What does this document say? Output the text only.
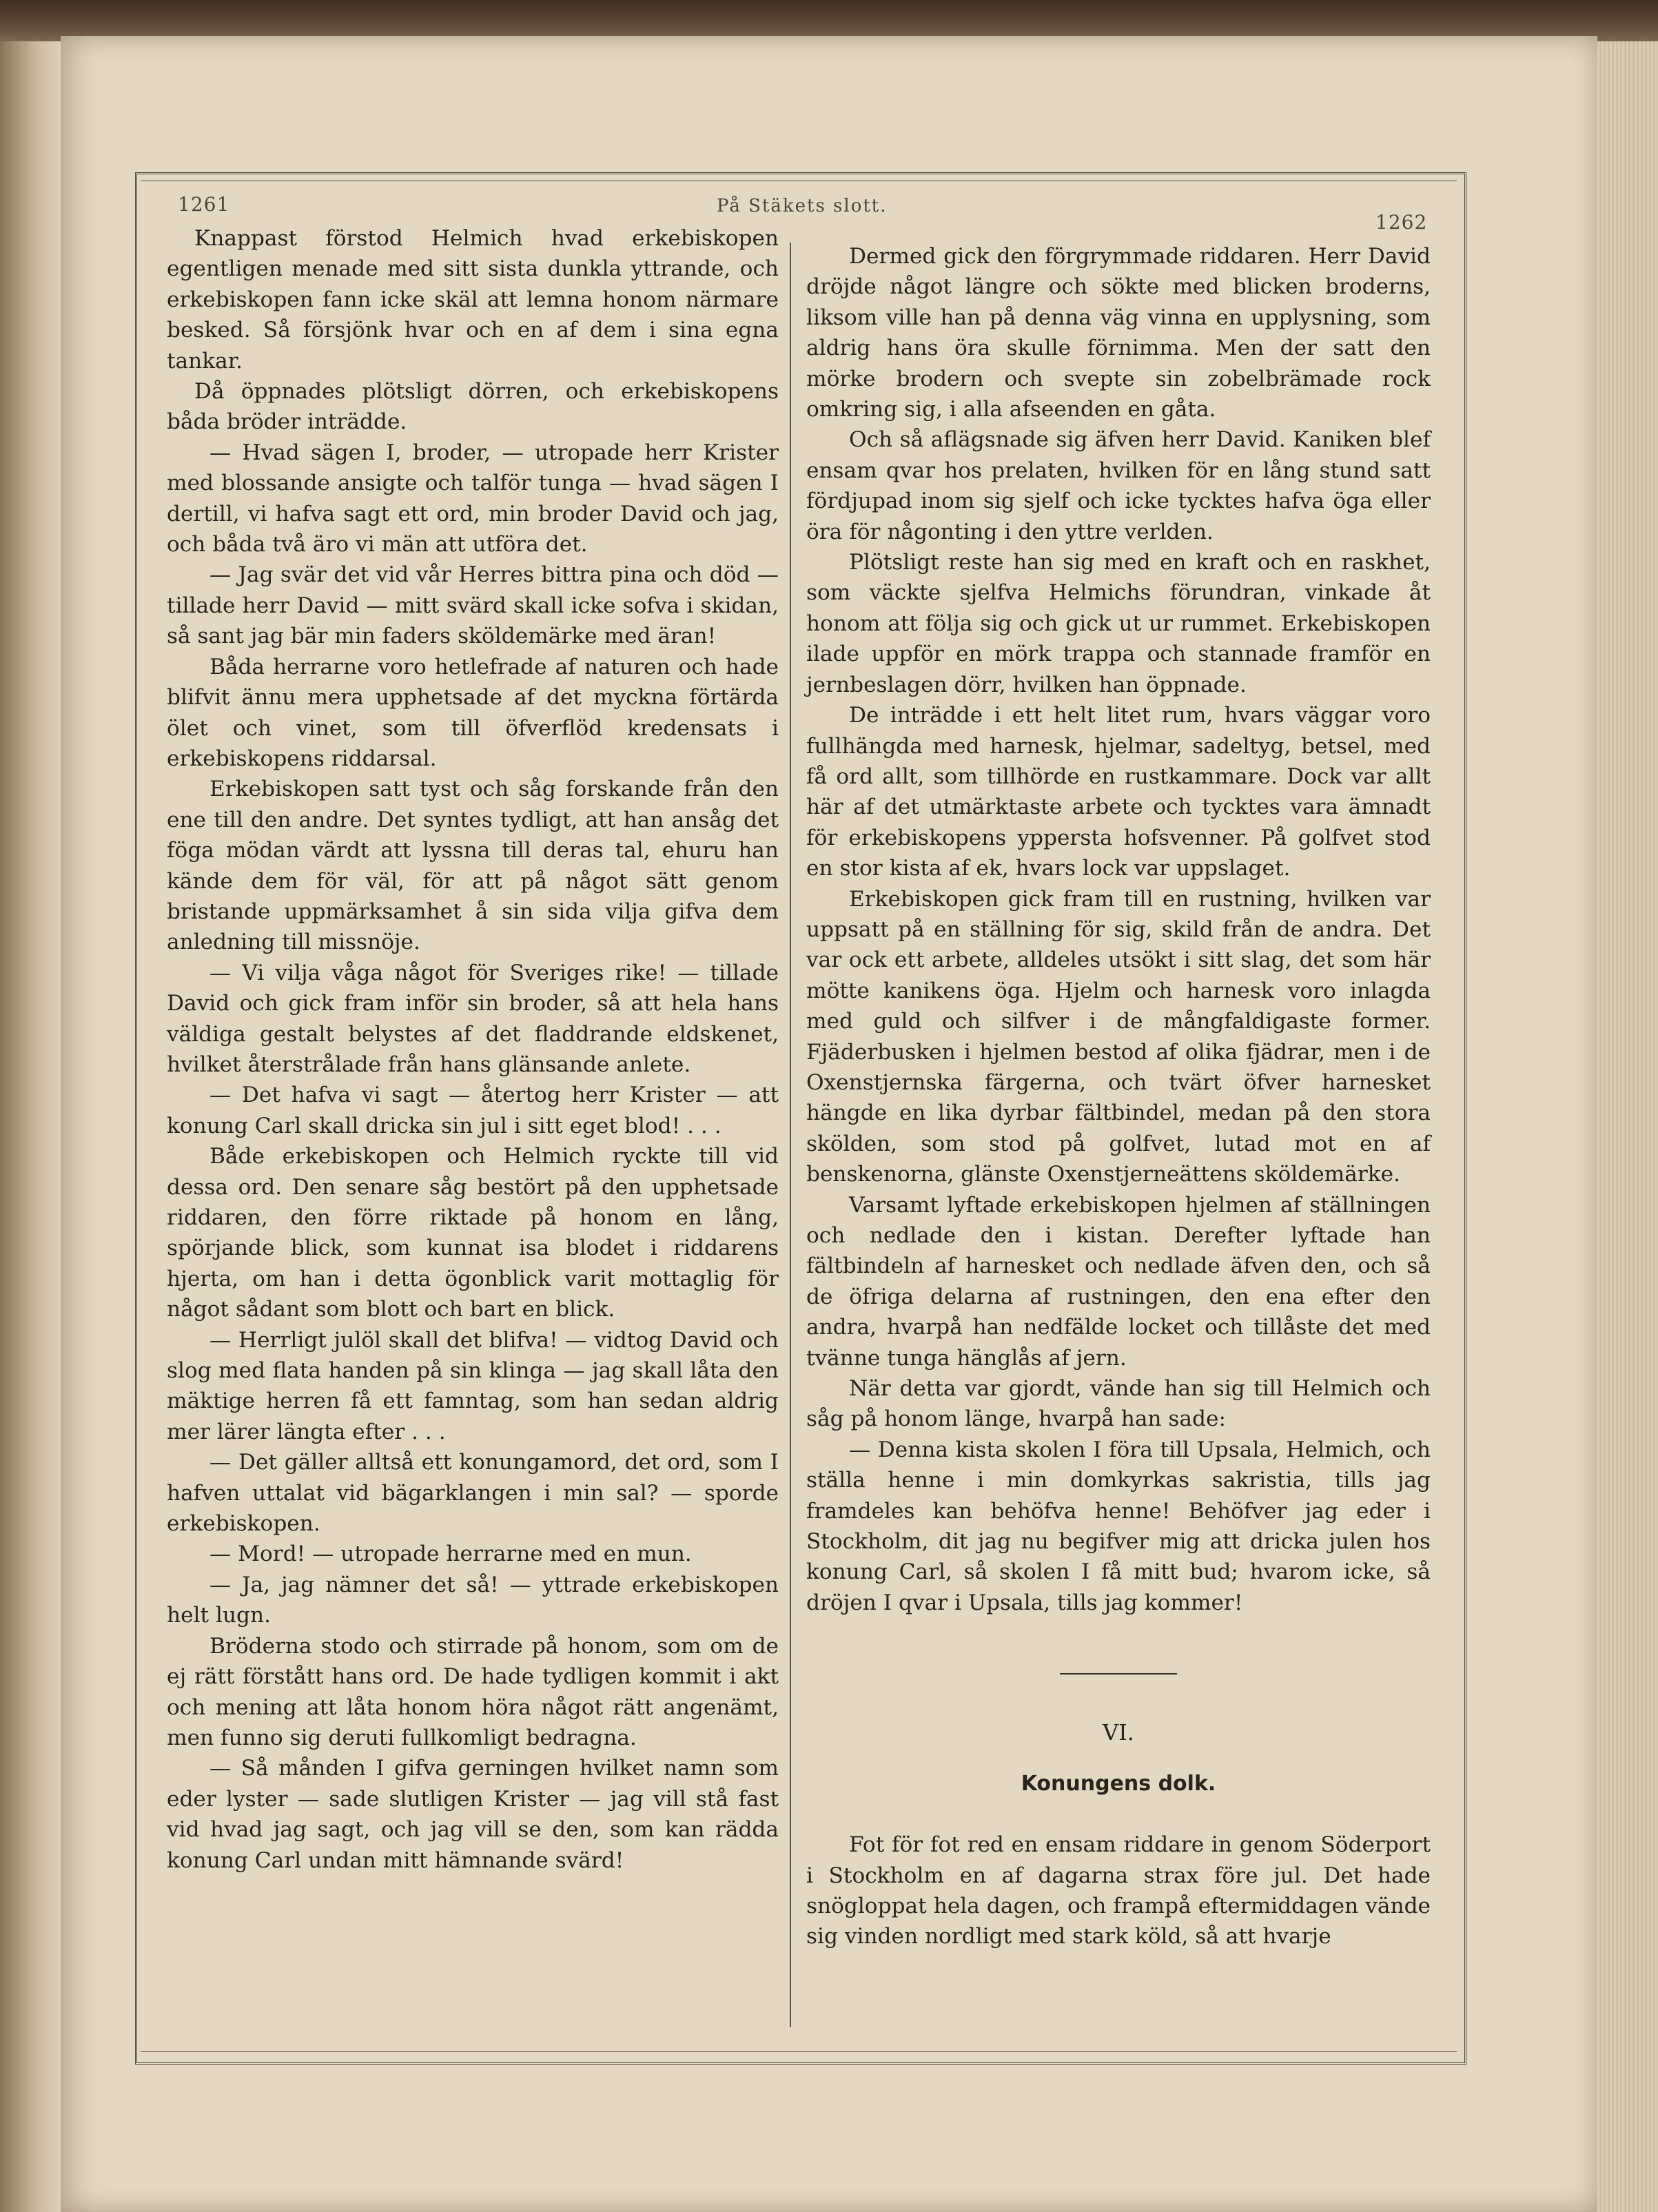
1261	På Stäkets slott.
1262

Knappast förstod Helmich hvad erkebiskopen egentligen menade med sitt sista dunkla yttrande, och erkebiskopen fann icke skäl att lemna honom närmare besked. Så försjönk hvar och en af dem i sina egna tankar.

Då öppnades plötsligt dörren, och erkebiskopens båda bröder inträdde.

— Hvad sägen I, broder, — utropade herr Krister med blossande ansigte och talför tunga — hvad sägen I dertill, vi hafva sagt ett ord, min broder David och jag, och båda två äro vi män att utföra det.

— Jag svär det vid vår Herres bittra pina och död — tillade herr David — mitt svärd skall icke sofva i skidan, så sant jag bär min faders sköldemärke med äran!

Båda herrarne voro hetlefrade af naturen och hade blifvit ännu mera upphetsade af det myckna förtärda ölet och vinet, som till öfverflöd kredensats i erkebiskopens riddarsal.

Erkebiskopen satt tyst och såg forskande från den ene till den andre. Det syntes tydligt, att han ansåg det föga mödan värdt att lyssna till deras tal, ehuru han kände dem för väl, för att på något sätt genom bristande uppmärksamhet å sin sida vilja gifva dem anledning till missnöje.

— Vi vilja våga något för Sveriges rike! — tillade David och gick fram inför sin broder, så att hela hans väldiga gestalt belystes af det fladdrande eldskenet, hvilket återstrålade från hans glänsande anlete.

— Det hafva vi sagt — återtog herr Krister — att konung Carl skall dricka sin jul i sitt eget blod! . . .

Både erkebiskopen och Helmich ryckte till vid dessa ord. Den senare såg bestört på den upphetsade riddaren, den förre riktade på honom en lång, spörjande blick, som kunnat isa blodet i riddarens hjerta, om han i detta ögonblick varit mottaglig för något sådant som blott och bart en blick.

— Herrligt julöl skall det blifva! — vidtog David och slog med flata handen på sin klinga — jag skall låta den mäktige herren få ett famntag, som han sedan aldrig mer lärer längta efter . . .

— Det gäller alltså ett konungamord, det ord, som I hafven uttalat vid bägarklangen i min sal? — sporde erkebiskopen.

— Mord! — utropade herrarne med en mun.

— Ja, jag nämner det så! — yttrade erkebiskopen helt lugn.

Bröderna stodo och stirrade på honom, som om de ej rätt förstått hans ord. De hade tydligen kommit i akt och mening att låta honom höra något rätt angenämt, men funno sig deruti fullkomligt bedragna.

— Så månden I gifva gerningen hvilket namn som eder lyster — sade slutligen Krister — jag vill stå fast vid hvad jag sagt, och jag vill se den, som kan rädda konung Carl undan mitt hämnande svärd!

Dermed gick den förgrymmade riddaren. Herr David dröjde något längre och sökte med blicken broderns, liksom ville han på denna väg vinna en upplysning, som aldrig hans öra skulle förnimma. Men der satt den mörke brodern och svepte sin zobelbrämade rock omkring sig, i alla afseenden en gåta.

Och så aflägsnade sig äfven herr David. Kaniken blef ensam qvar hos prelaten, hvilken för en lång stund satt fördjupad inom sig sjelf och icke tycktes hafva öga eller öra för någonting i den yttre verlden.

Plötsligt reste han sig med en kraft och en raskhet, som väckte sjelfva Helmichs förundran, vinkade åt honom att följa sig och gick ut ur rummet. Erkebiskopen ilade uppför en mörk trappa och stannade framför en jernbeslagen dörr, hvilken han öppnade.

De inträdde i ett helt litet rum, hvars väggar voro fullhängda med harnesk, hjelmar, sadeltyg, betsel, med få ord allt, som tillhörde en rustkammare. Dock var allt här af det utmärktaste arbete och tycktes vara ämnadt för erkebiskopens yppersta hofsvenner. På golfvet stod en stor kista af ek, hvars lock var uppslaget.

Erkebiskopen gick fram till en rustning, hvilken var uppsatt på en ställning för sig, skild från de andra. Det var ock ett arbete, alldeles utsökt i sitt slag, det som här mötte kanikens öga. Hjelm och harnesk voro inlagda med guld och silfver i de mångfaldigaste former. Fjäderbusken i hjelmen bestod af olika fjädrar, men i de Oxenstjernska färgerna, och tvärt öfver harnesket hängde en lika dyrbar fältbindel, medan på den stora skölden, som stod på golfvet, lutad mot en af benskenorna, glänste Oxenstjerneättens sköldemärke.

Varsamt lyftade erkebiskopen hjelmen af ställningen och nedlade den i kistan. Derefter lyftade han fältbindeln af harnesket och nedlade äfven den, och så de öfriga delarna af rustningen, den ena efter den andra, hvarpå han nedfälde locket och tillåste det med tvänne tunga hänglås af jern.

När detta var gjordt, vände han sig till Helmich och såg på honom länge, hvarpå han sade:

— Denna kista skolen I föra till Upsala, Helmich, och ställa henne i min domkyrkas sakristia, tills jag framdeles kan behöfva henne! Behöfver jag eder i Stockholm, dit jag nu begifver mig att dricka julen hos konung Carl, så skolen I få mitt bud; hvarom icke, så dröjen I qvar i Upsala, tills jag kommer!

VI.
Konungens dolk.

Fot för fot red en ensam riddare in genom Söderport i Stockholm en af dagarna strax före jul. Det hade snögloppat hela dagen, och frampå eftermiddagen vände sig vinden nordligt med stark köld, så att hvarje
